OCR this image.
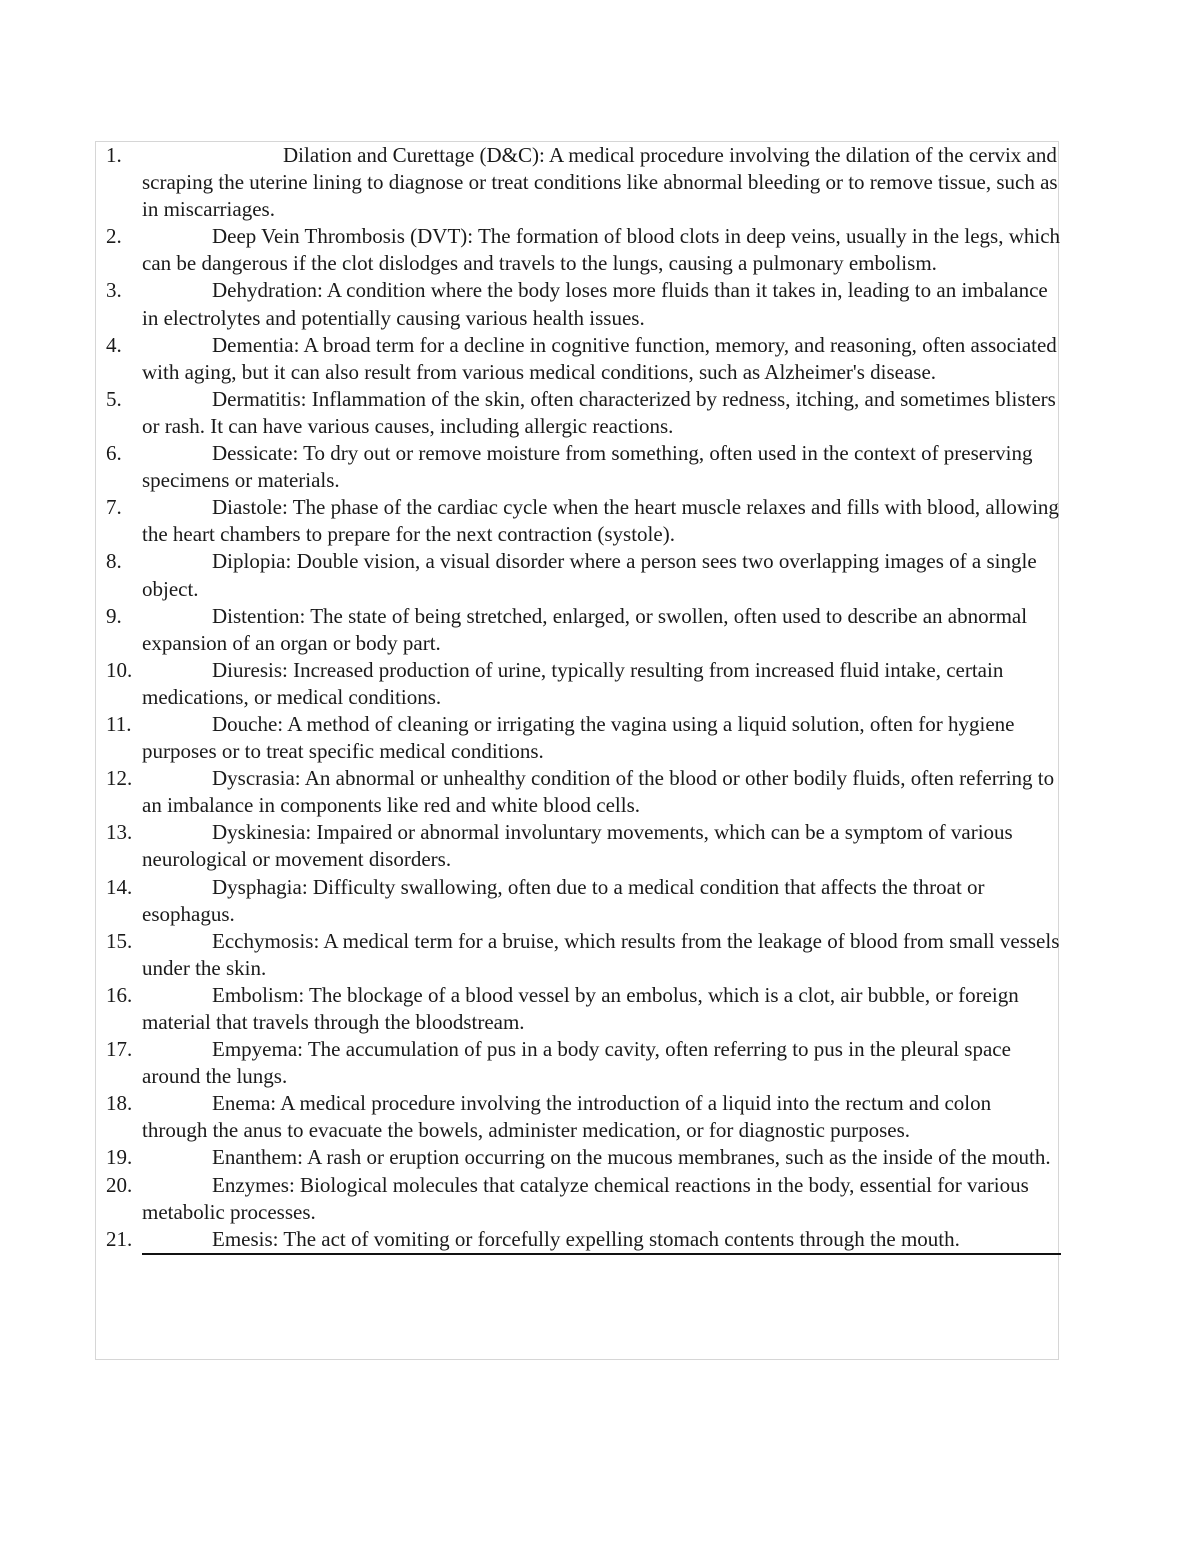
1.	Dilation and Curettage (D&C): A medical procedure involving the dilation of the cervix and scraping the uterine lining to diagnose or treat conditions like abnormal bleeding or to remove tissue, such as in miscarriages.
2.	Deep Vein Thrombosis (DVT): The formation of blood clots in deep veins, usually in the legs, which can be dangerous if the clot dislodges and travels to the lungs, causing a pulmonary embolism.
3.	Dehydration: A condition where the body loses more fluids than it takes in, leading to an imbalance in electrolytes and potentially causing various health issues.
4.	Dementia: A broad term for a decline in cognitive function, memory, and reasoning, often associated with aging, but it can also result from various medical conditions, such as Alzheimer's disease.
5.	Dermatitis: Inflammation of the skin, often characterized by redness, itching, and sometimes blisters or rash. It can have various causes, including allergic reactions.
6.	Dessicate: To dry out or remove moisture from something, often used in the context of preserving specimens or materials.
7.	Diastole: The phase of the cardiac cycle when the heart muscle relaxes and fills with blood, allowing the heart chambers to prepare for the next contraction (systole).
8.	Diplopia: Double vision, a visual disorder where a person sees two overlapping images of a single object.
9.	Distention: The state of being stretched, enlarged, or swollen, often used to describe an abnormal expansion of an organ or body part.
10.	Diuresis: Increased production of urine, typically resulting from increased fluid intake, certain medications, or medical conditions.
11.	Douche: A method of cleaning or irrigating the vagina using a liquid solution, often for hygiene purposes or to treat specific medical conditions.
12.	Dyscrasia: An abnormal or unhealthy condition of the blood or other bodily fluids, often referring to an imbalance in components like red and white blood cells.
13.	Dyskinesia: Impaired or abnormal involuntary movements, which can be a symptom of various neurological or movement disorders.
14.	Dysphagia: Difficulty swallowing, often due to a medical condition that affects the throat or esophagus.
15.	Ecchymosis: A medical term for a bruise, which results from the leakage of blood from small vessels under the skin.
16.	Embolism: The blockage of a blood vessel by an embolus, which is a clot, air bubble, or foreign material that travels through the bloodstream.
17.	Empyema: The accumulation of pus in a body cavity, often referring to pus in the pleural space around the lungs.
18.	Enema: A medical procedure involving the introduction of a liquid into the rectum and colon through the anus to evacuate the bowels, administer medication, or for diagnostic purposes.
19.	Enanthem: A rash or eruption occurring on the mucous membranes, such as the inside of the mouth.
20.	Enzymes: Biological molecules that catalyze chemical reactions in the body, essential for various metabolic processes.
21.	Emesis: The act of vomiting or forcefully expelling stomach contents through the mouth.
